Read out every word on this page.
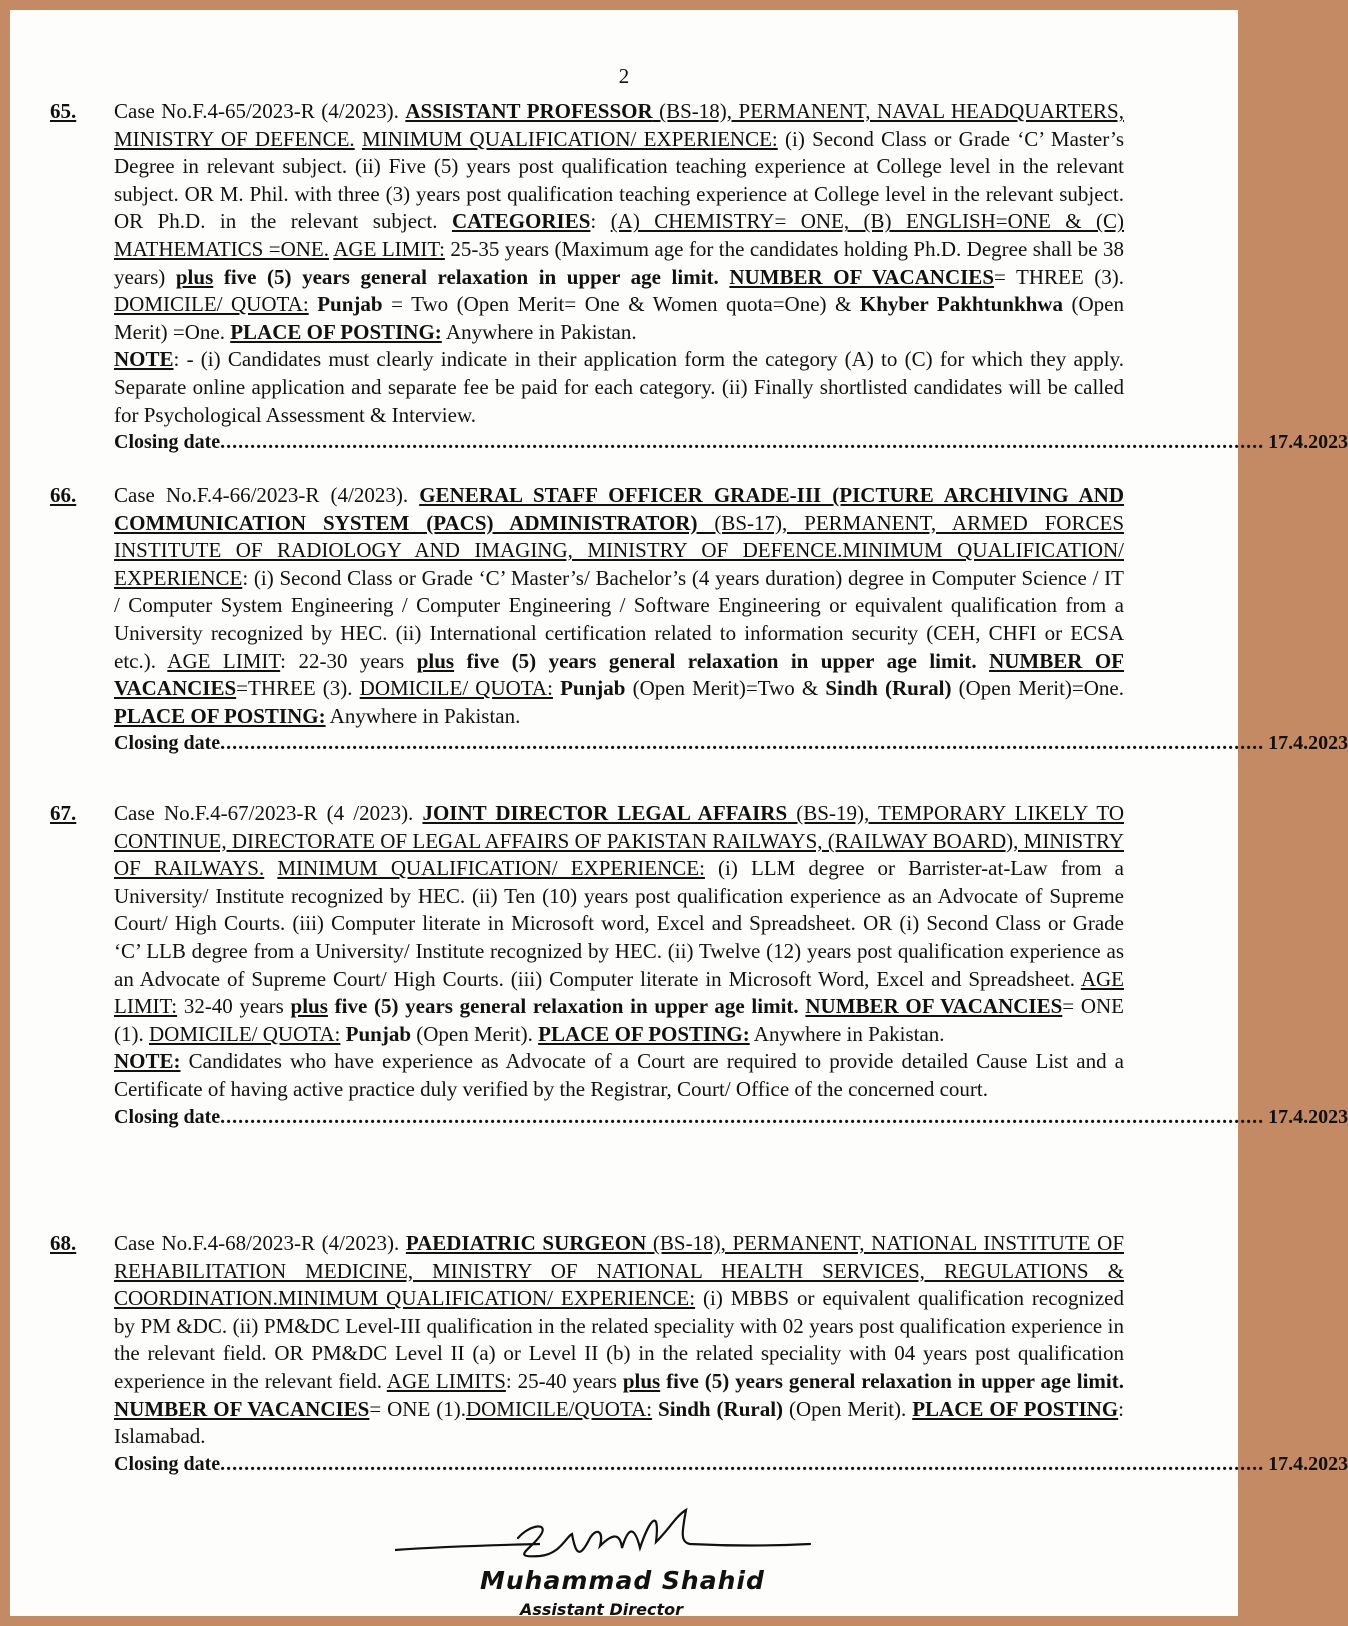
2
65. Case No.F.4-65/2023-R (4/2023). ASSISTANT PROFESSOR (BS-18), PERMANENT, NAVAL HEADQUARTERS, MINISTRY OF DEFENCE. MINIMUM QUALIFICATION/ EXPERIENCE: (i) Second Class or Grade ‘C’ Master’s Degree in relevant subject. (ii) Five (5) years post qualification teaching experience at College level in the relevant subject. OR M. Phil. with three (3) years post qualification teaching experience at College level in the relevant subject. OR Ph.D. in the relevant subject. CATEGORIES: (A) CHEMISTRY= ONE, (B) ENGLISH=ONE & (C) MATHEMATICS =ONE. AGE LIMIT: 25-35 years (Maximum age for the candidates holding Ph.D. Degree shall be 38 years) plus five (5) years general relaxation in upper age limit. NUMBER OF VACANCIES= THREE (3). DOMICILE/ QUOTA: Punjab = Two (Open Merit= One & Women quota=One) & Khyber Pakhtunkhwa (Open Merit) =One. PLACE OF POSTING: Anywhere in Pakistan.

NOTE: - (i) Candidates must clearly indicate in their application form the category (A) to (C) for which they apply. Separate online application and separate fee be paid for each category. (ii) Finally shortlisted candidates will be called for Psychological Assessment & Interview.

Closing date .............................................................................................................................................................................. 17.4.2023
66. Case No.F.4-66/2023-R (4/2023). GENERAL STAFF OFFICER GRADE-III (PICTURE ARCHIVING AND COMMUNICATION SYSTEM (PACS) ADMINISTRATOR) (BS-17), PERMANENT, ARMED FORCES INSTITUTE OF RADIOLOGY AND IMAGING, MINISTRY OF DEFENCE.MINIMUM QUALIFICATION/ EXPERIENCE: (i) Second Class or Grade ‘C’ Master’s/ Bachelor’s (4 years duration) degree in Computer Science / IT / Computer System Engineering / Computer Engineering / Software Engineering or equivalent qualification from a University recognized by HEC. (ii) International certification related to information security (CEH, CHFI or ECSA etc.). AGE LIMIT: 22-30 years plus five (5) years general relaxation in upper age limit. NUMBER OF VACANCIES=THREE (3). DOMICILE/ QUOTA: Punjab (Open Merit)=Two & Sindh (Rural) (Open Merit)=One. PLACE OF POSTING: Anywhere in Pakistan.

Closing date .............................................................................................................................................................................. 17.4.2023
67. Case No.F.4-67/2023-R (4 /2023). JOINT DIRECTOR LEGAL AFFAIRS (BS-19), TEMPORARY LIKELY TO CONTINUE, DIRECTORATE OF LEGAL AFFAIRS OF PAKISTAN RAILWAYS, (RAILWAY BOARD), MINISTRY OF RAILWAYS. MINIMUM QUALIFICATION/ EXPERIENCE: (i) LLM degree or Barrister-at-Law from a University/ Institute recognized by HEC. (ii) Ten (10) years post qualification experience as an Advocate of Supreme Court/ High Courts. (iii) Computer literate in Microsoft word, Excel and Spreadsheet. OR (i) Second Class or Grade ‘C’ LLB degree from a University/ Institute recognized by HEC. (ii) Twelve (12) years post qualification experience as an Advocate of Supreme Court/ High Courts. (iii) Computer literate in Microsoft Word, Excel and Spreadsheet. AGE LIMIT: 32-40 years plus five (5) years general relaxation in upper age limit. NUMBER OF VACANCIES= ONE (1). DOMICILE/ QUOTA: Punjab (Open Merit). PLACE OF POSTING: Anywhere in Pakistan.

NOTE: Candidates who have experience as Advocate of a Court are required to provide detailed Cause List and a Certificate of having active practice duly verified by the Registrar, Court/ Office of the concerned court.

Closing date .............................................................................................................................................................................. 17.4.2023
68. Case No.F.4-68/2023-R (4/2023). PAEDIATRIC SURGEON (BS-18), PERMANENT, NATIONAL INSTITUTE OF REHABILITATION MEDICINE, MINISTRY OF NATIONAL HEALTH SERVICES, REGULATIONS & COORDINATION.MINIMUM QUALIFICATION/ EXPERIENCE: (i) MBBS or equivalent qualification recognized by PM &DC. (ii) PM&DC Level-III qualification in the related speciality with 02 years post qualification experience in the relevant field. OR PM&DC Level II (a) or Level II (b) in the related speciality with 04 years post qualification experience in the relevant field. AGE LIMITS: 25-40 years plus five (5) years general relaxation in upper age limit. NUMBER OF VACANCIES= ONE (1).DOMICILE/QUOTA: Sindh (Rural) (Open Merit). PLACE OF POSTING: Islamabad.

Closing date .............................................................................................................................................................................. 17.4.2023
Muhammad Shahid
Assistant Director
